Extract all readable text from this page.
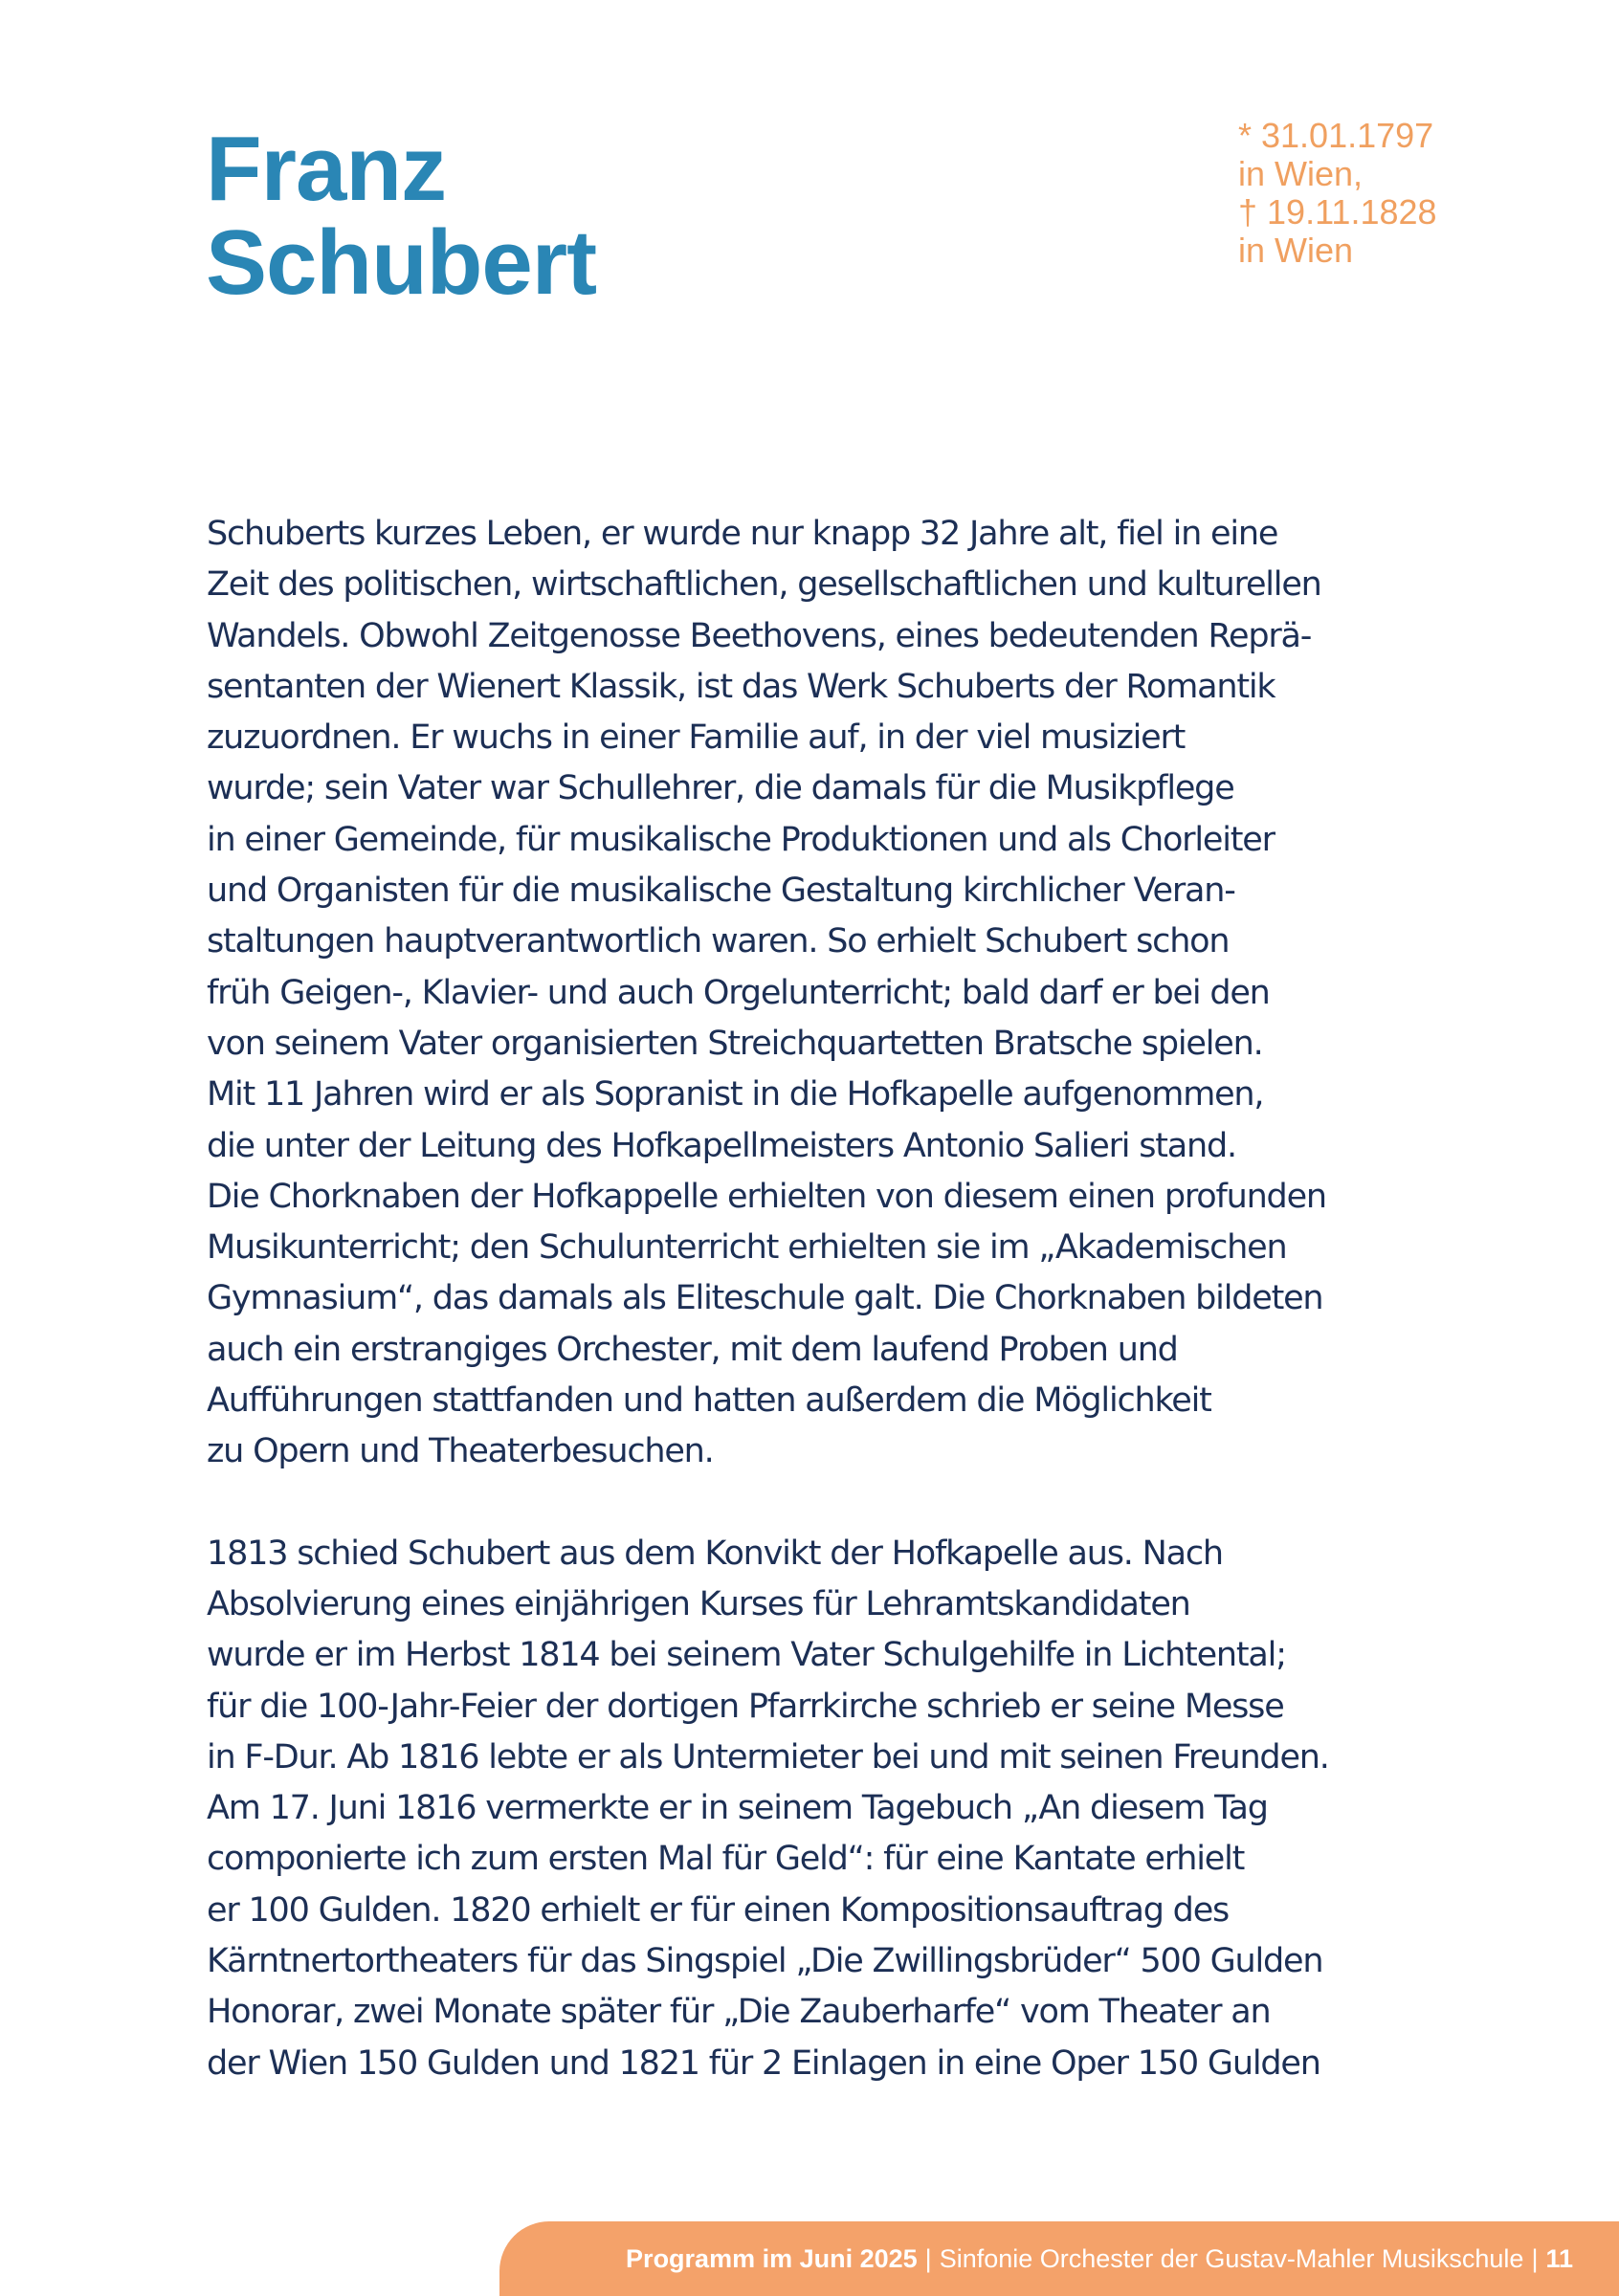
Franz
Schubert
* 31.01.1797
in Wien,
† 19.11.1828
in Wien

Schuberts kurzes Leben, er wurde nur knapp 32 Jahre alt, fiel in eine
Zeit des politischen, wirtschaftlichen, gesellschaftlichen und kulturellen
Wandels. Obwohl Zeitgenosse Beethovens, eines bedeutenden Reprä-
sentanten der Wienert Klassik, ist das Werk Schuberts der Romantik
zuzuordnen. Er wuchs in einer Familie auf, in der viel musiziert
wurde; sein Vater war Schullehrer, die damals für die Musikpflege
in einer Gemeinde, für musikalische Produktionen und als Chorleiter
und Organisten für die musikalische Gestaltung kirchlicher Veran-
staltungen hauptverantwortlich waren. So erhielt Schubert schon
früh Geigen-, Klavier- und auch Orgelunterricht; bald darf er bei den
von seinem Vater organisierten Streichquartetten Bratsche spielen.
Mit 11 Jahren wird er als Sopranist in die Hofkapelle aufgenommen,
die unter der Leitung des Hofkapellmeisters Antonio Salieri stand.
Die Chorknaben der Hofkappelle erhielten von diesem einen profunden
Musikunterricht; den Schulunterricht erhielten sie im „Akademischen
Gymnasium“, das damals als Eliteschule galt. Die Chorknaben bildeten
auch ein erstrangiges Orchester, mit dem laufend Proben und
Aufführungen stattfanden und hatten außerdem die Möglichkeit
zu Opern und Theaterbesuchen.

1813 schied Schubert aus dem Konvikt der Hofkapelle aus. Nach
Absolvierung eines einjährigen Kurses für Lehramtskandidaten
wurde er im Herbst 1814 bei seinem Vater Schulgehilfe in Lichtental;
für die 100-Jahr-Feier der dortigen Pfarrkirche schrieb er seine Messe
in F-Dur. Ab 1816 lebte er als Untermieter bei und mit seinen Freunden.
Am 17. Juni 1816 vermerkte er in seinem Tagebuch „An diesem Tag
componierte ich zum ersten Mal für Geld“: für eine Kantate erhielt
er 100 Gulden. 1820 erhielt er für einen Kompositionsauftrag des
Kärntnertortheaters für das Singspiel „Die Zwillingsbrüder“ 500 Gulden
Honorar, zwei Monate später für „Die Zauberharfe“ vom Theater an
der Wien 150 Gulden und 1821 für 2 Einlagen in eine Oper 150 Gulden

Programm im Juni 2025 | Sinfonie Orchester der Gustav-Mahler Musikschule | 11
